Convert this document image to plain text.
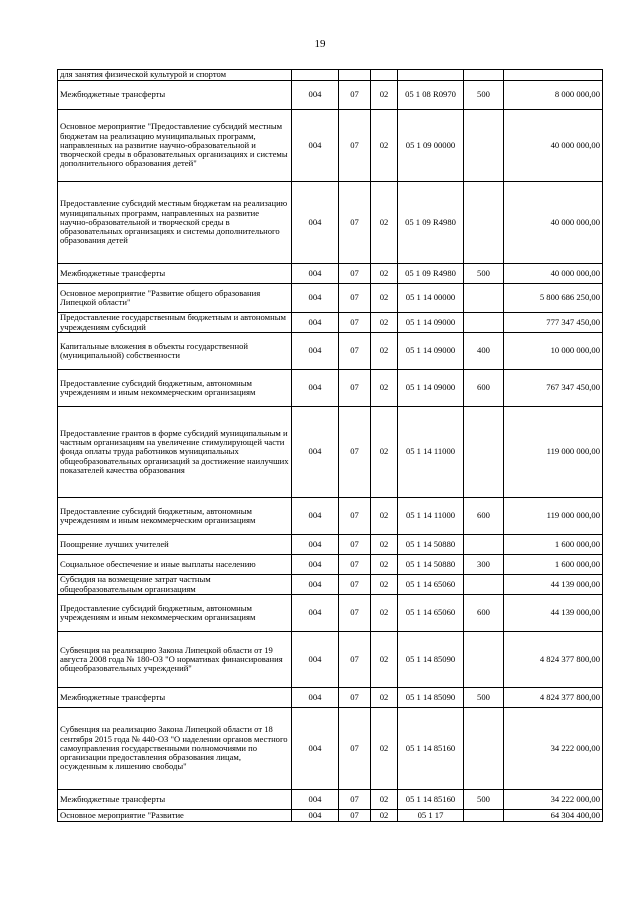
19
для занятия физической культурой и спортом						
Межбюджетные трансферты	004	07	02	05 1 08 R0970	500	8 000 000,00
Основное мероприятие "Предоставление субсидий местным бюджетам на реализацию муниципальных программ, направленных на развитие научно-образовательной и творческой среды в образовательных организациях и системы дополнительного образования детей"	004	07	02	05 1 09 00000		40 000 000,00
Предоставление субсидий местным бюджетам на реализацию муниципальных программ, направленных на развитие научно-образовательной и творческой среды в образовательных организациях и системы дополнительного образования детей	004	07	02	05 1 09 R4980		40 000 000,00
Межбюджетные трансферты	004	07	02	05 1 09 R4980	500	40 000 000,00
Основное мероприятие "Развитие общего образования Липецкой области"	004	07	02	05 1 14 00000		5 800 686 250,00
Предоставление государственным бюджетным и автономным учреждениям субсидий	004	07	02	05 1 14 09000		777 347 450,00
Капитальные вложения в объекты государственной (муниципальной) собственности	004	07	02	05 1 14 09000	400	10 000 000,00
Предоставление субсидий бюджетным, автономным учреждениям и иным некоммерческим организациям	004	07	02	05 1 14 09000	600	767 347 450,00
Предоставление грантов в форме субсидий муниципальным и частным организациям на увеличение стимулирующей части фонда оплаты труда работников муниципальных общеобразовательных организаций за достижение наилучших показателей качества образования	004	07	02	05 1 14 11000		119 000 000,00
Предоставление субсидий бюджетным, автономным учреждениям и иным некоммерческим организациям	004	07	02	05 1 14 11000	600	119 000 000,00
Поощрение лучших учителей	004	07	02	05 1 14 50880		1 600 000,00
Социальное обеспечение и иные выплаты населению	004	07	02	05 1 14 50880	300	1 600 000,00
Субсидия на возмещение затрат частным общеобразовательным организациям	004	07	02	05 1 14 65060		44 139 000,00
Предоставление субсидий бюджетным, автономным учреждениям и иным некоммерческим организациям	004	07	02	05 1 14 65060	600	44 139 000,00
Субвенция на реализацию Закона Липецкой области от 19 августа 2008 года № 180-ОЗ "О нормативах финансирования общеобразовательных учреждений"	004	07	02	05 1 14 85090		4 824 377 800,00
Межбюджетные трансферты	004	07	02	05 1 14 85090	500	4 824 377 800,00
Субвенция на реализацию Закона Липецкой области от 18 сентября 2015 года № 440-ОЗ "О наделении органов местного самоуправления государственными полномочиями по организации предоставления образования лицам, осужденным к лишению свободы"	004	07	02	05 1 14 85160		34 222 000,00
Межбюджетные трансферты	004	07	02	05 1 14 85160	500	34 222 000,00
Основное мероприятие "Развитие	004	07	02	05 1 17		64 304 400,00
